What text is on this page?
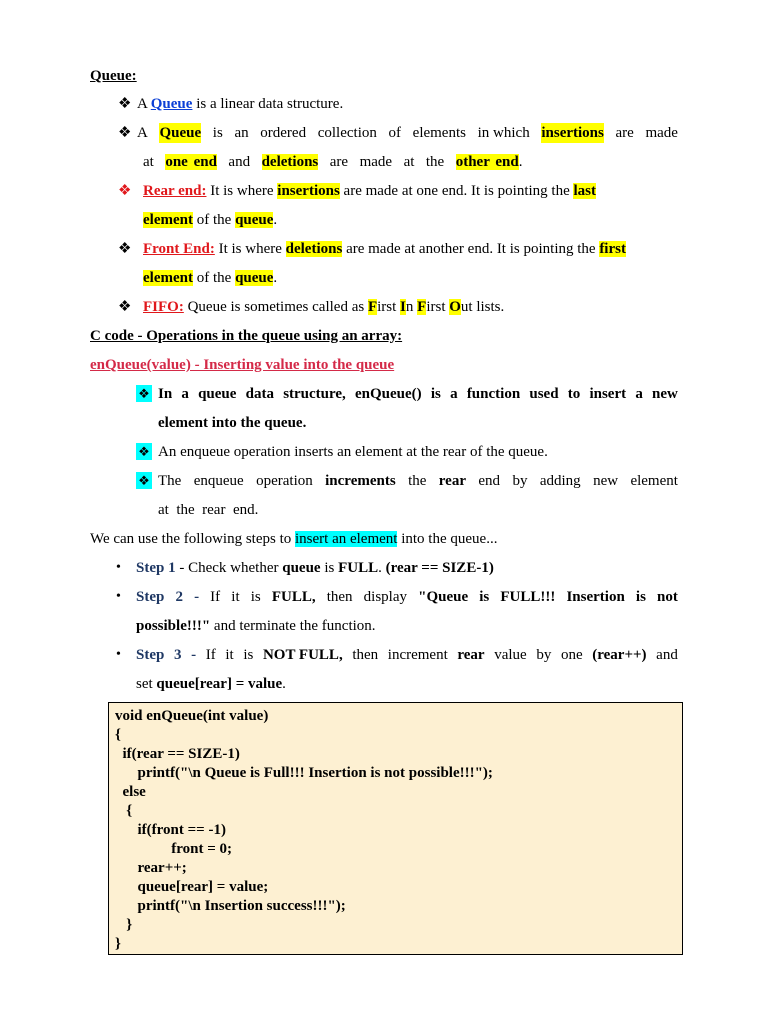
Queue:
❖ A Queue is a linear data structure.
❖ A Queue is an ordered collection of elements in which insertions are made
at one end and deletions are made at the other end.
❖ Rear end: It is where insertions are made at one end. It is pointing the last
element of the queue.
❖ Front End: It is where deletions are made at another end. It is pointing the first
element of the queue.
❖ FIFO: Queue is sometimes called as First In First Out lists.
C code - Operations in the queue using an array:
enQueue(value) - Inserting value into the queue
❖ In a queue data structure, enQueue() is a function used to insert a new
element into the queue.
❖ An enqueue operation inserts an element at the rear of the queue.
❖ The enqueue operation increments the rear end by adding new element
at  the  rear  end.
We can use the following steps to insert an element into the queue...
• Step 1 - Check whether queue is FULL. (rear == SIZE-1)
• Step 2 - If it is FULL, then display "Queue is FULL!!! Insertion is not
possible!!!" and terminate the function.
• Step 3 - If it is NOT FULL, then increment rear value by one (rear++) and
set queue[rear] = value.
void enQueue(int value)
{
if(rear == SIZE-1)
printf("\n Queue is Full!!! Insertion is not possible!!!");
else
{
if(front == -1)
front = 0;
rear++;
queue[rear] = value;
printf("\n Insertion success!!!");
}
}
